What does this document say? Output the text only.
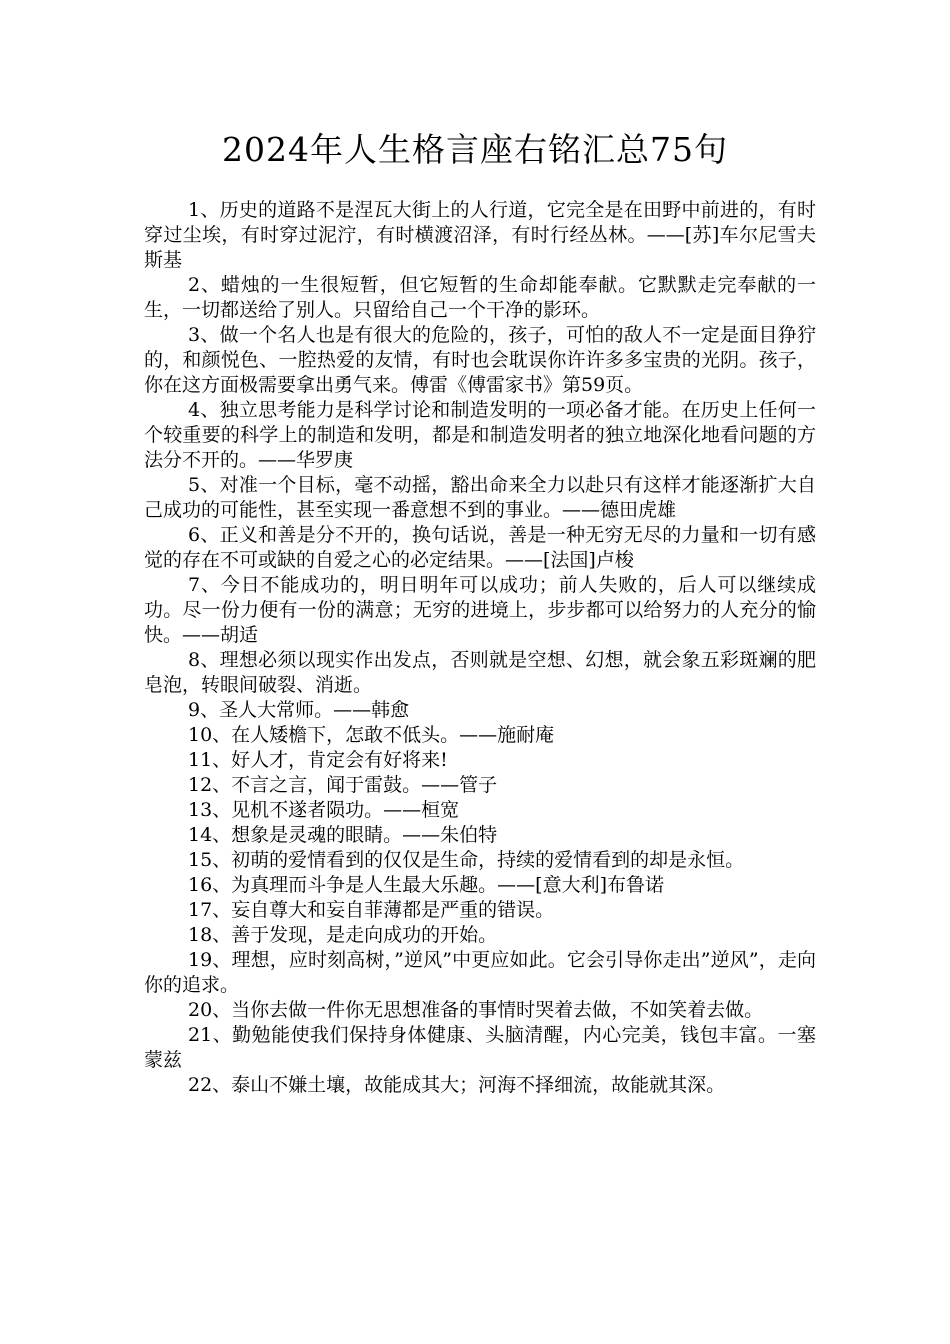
2024年人生格言座右铭汇总75句

1、历史的道路不是涅瓦大街上的人行道，它完全是在田野中前进的，有时穿过尘埃，有时穿过泥泞，有时横渡沼泽，有时行经丛林。——[苏]车尔尼雪夫斯基

2、蜡烛的一生很短暂，但它短暂的生命却能奉献。它默默走完奉献的一生，一切都送给了别人。只留给自己一个干净的影环。

3、做一个名人也是有很大的危险的，孩子，可怕的敌人不一定是面目狰狞的，和颜悦色、一腔热爱的友情，有时也会耽误你许许多多宝贵的光阴。孩子，你在这方面极需要拿出勇气来。傅雷《傅雷家书》第59页。

4、独立思考能力是科学讨论和制造发明的一项必备才能。在历史上任何一个较重要的科学上的制造和发明，都是和制造发明者的独立地深化地看问题的方法分不开的。——华罗庚

5、对准一个目标，毫不动摇，豁出命来全力以赴只有这样才能逐渐扩大自己成功的可能性，甚至实现一番意想不到的事业。——德田虎雄

6、正义和善是分不开的，换句话说，善是一种无穷无尽的力量和一切有感觉的存在不可或缺的自爱之心的必定结果。——[法国]卢梭

7、今日不能成功的，明日明年可以成功；前人失败的，后人可以继续成功。尽一份力便有一份的满意；无穷的进境上，步步都可以给努力的人充分的愉快。——胡适

8、理想必须以现实作出发点，否则就是空想、幻想，就会象五彩斑斓的肥皂泡，转眼间破裂、消逝。

9、圣人大常师。——韩愈

10、在人矮檐下，怎敢不低头。——施耐庵

11、好人才，肯定会有好将来!

12、不言之言，闻于雷鼓。——管子

13、见机不遂者陨功。——桓宽

14、想象是灵魂的眼睛。——朱伯特

15、初萌的爱情看到的仅仅是生命，持续的爱情看到的却是永恒。

16、为真理而斗争是人生最大乐趣。——[意大利]布鲁诺

17、妄自尊大和妄自菲薄都是严重的错误。

18、善于发现，是走向成功的开始。

19、理想，应时刻高树，”逆风”中更应如此。它会引导你走出”逆风”，走向你的追求。

20、当你去做一件你无思想准备的事情时哭着去做，不如笑着去做。

21、勤勉能使我们保持身体健康、头脑清醒，内心完美，钱包丰富。一塞蒙兹

22、泰山不嫌土壤，故能成其大；河海不择细流，故能就其深。
